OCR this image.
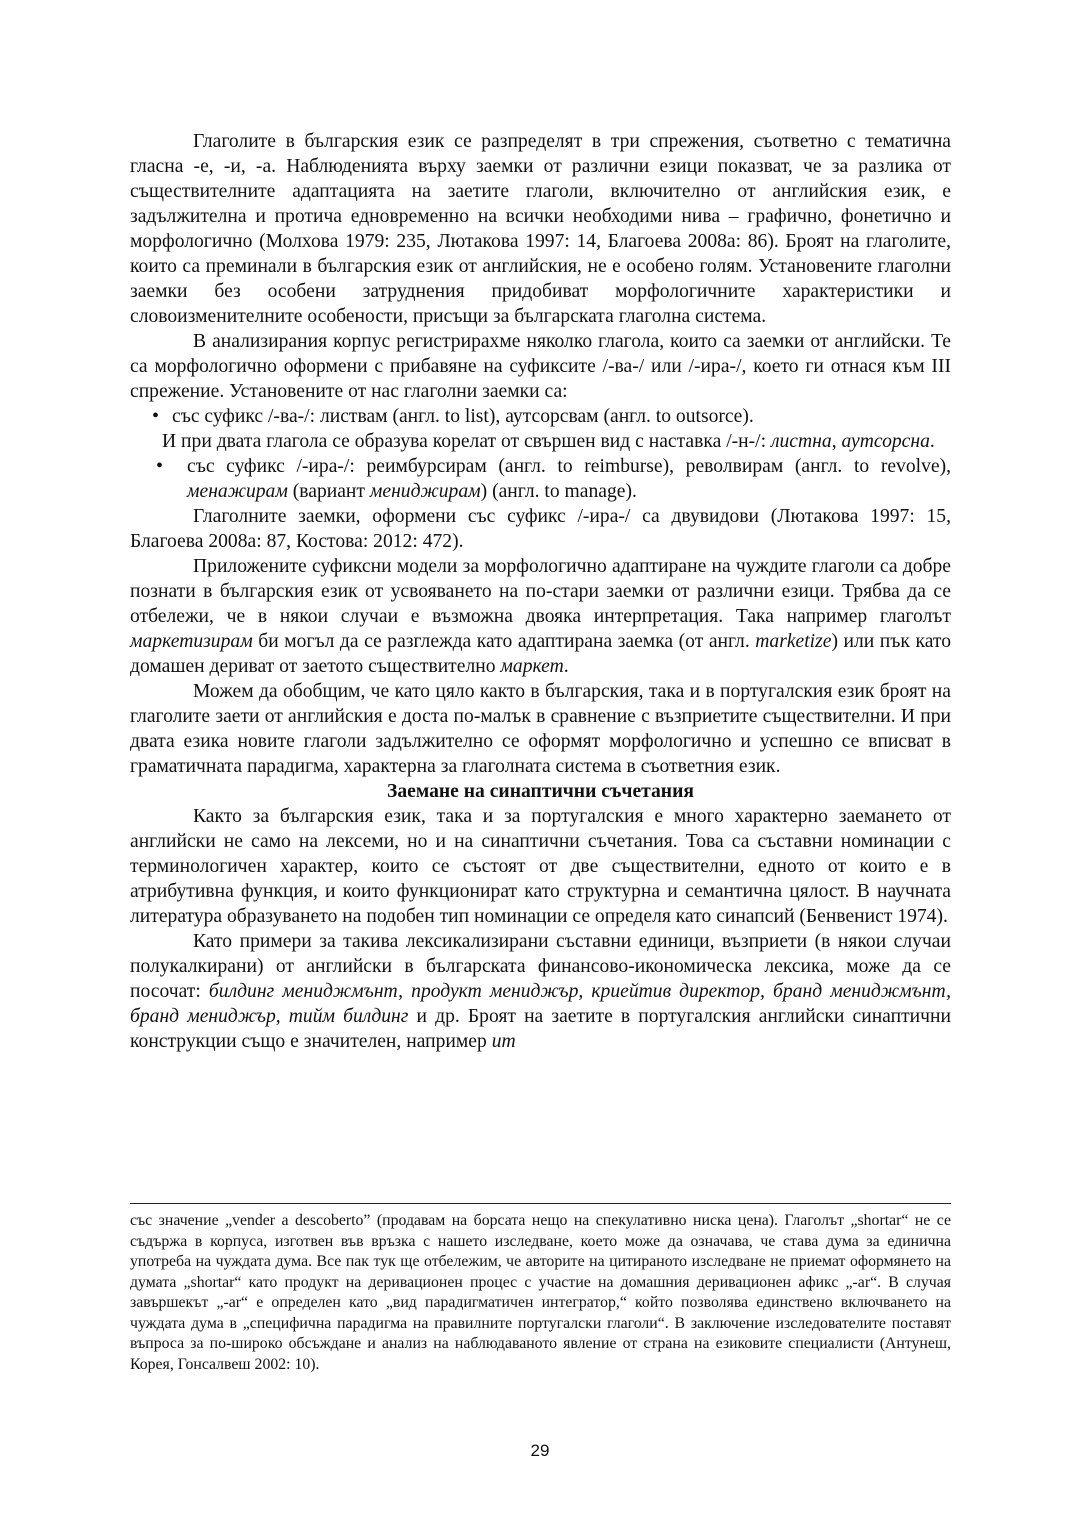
Глаголите в българския език се разпределят в три спрежения, съответно с тематична гласна -е, -и, -а. Наблюденията върху заемки от различни езици показват, че за разлика от съществителните адаптацията на заетите глаголи, включително от английския език, е задължителна и протича едновременно на всички необходими нива – графично, фонетично и морфологично (Молхова 1979: 235, Лютакова 1997: 14, Благоева 2008а: 86). Броят на глаголите, които са преминали в българския език от английския, не е особено голям. Установените глаголни заемки без особени затруднения придобиват морфологичните характеристики и словоизменителните особености, присъщи за българската глаголна система.

В анализирания корпус регистрирахме няколко глагола, които са заемки от английски. Те са морфологично оформени с прибавяне на суфиксите /-ва-/ или /-ира-/, което ги отнася към III спрежение. Установените от нас глаголни заемки са:

• със суфикс /-ва-/: листвам (англ. to list), аутсорсвам (англ. to outsorce).

И при двата глагола се образува корелат от свършен вид с наставка /-н-/: листна, аутсорсна.

• със суфикс /-ира-/: реимбурсирам (англ. to reimburse), револвирам (англ. to revolve), менажирам (вариант мениджирам) (англ. to manage).

Глаголните заемки, оформени със суфикс /-ира-/ са двувидови (Лютакова 1997: 15, Благоева 2008а: 87, Костова: 2012: 472).

Приложените суфиксни модели за морфологично адаптиране на чуждите глаголи са добре познати в българския език от усвояването на по-стари заемки от различни езици. Трябва да се отбележи, че в някои случаи е възможна двояка интерпретация. Така например глаголът маркетизирам би могъл да се разглежда като адаптирана заемка (от англ. marketize) или пък като домашен дериват от заетото съществително маркет.

Можем да обобщим, че като цяло както в българския, така и в португалския език броят на глаголите заети от английския е доста по-малък в сравнение с възприетите съществителни. И при двата езика новите глаголи задължително се оформят морфологично и успешно се вписват в граматичната парадигма, характерна за глаголната система в съответния език.

Заемане на синаптични съчетания

Както за българския език, така и за португалския е много характерно заемането от английски не само на лексеми, но и на синаптични съчетания. Това са съставни номинации с терминологичен характер, които се състоят от две съществителни, едното от които е в атрибутивна функция, и които функционират като структурна и семантична цялост. В научната литература образуването на подобен тип номинации се определя като синапсий (Бенвенист 1974).

Като примери за такива лексикализирани съставни единици, възприети (в някои случаи полукалкирани) от английски в българската финансово-икономическа лексика, може да се посочат: билдинг мениджмънт, продукт мениджър, криейтив директор, бранд мениджмънт, бранд мениджър, тийм билдинг и др. Броят на заетите в португалския английски синаптични конструкции също е значителен, например ит

със значение „vender a descoberto” (продавам на борсата нещо на спекулативно ниска цена). Глаголът „shortar“ не се съдържа в корпуса, изготвен във връзка с нашето изследване, което може да означава, че става дума за единична употреба на чуждата дума. Все пак тук ще отбележим, че авторите на цитираното изследване не приемат оформянето на думата „shortar“ като продукт на деривационен процес с участие на домашния деривационен афикс „-ar“. В случая завършекът „-ar“ е определен като „вид парадигматичен интегратор,“ който позволява единствено включването на чуждата дума в „специфична парадигма на правилните португалски глаголи“. В заключение изследователите поставят въпроса за по-широко обсъждане и анализ на наблюдаваното явление от страна на езиковите специалисти (Антунеш, Корея, Гонсалвеш 2002: 10).

29
